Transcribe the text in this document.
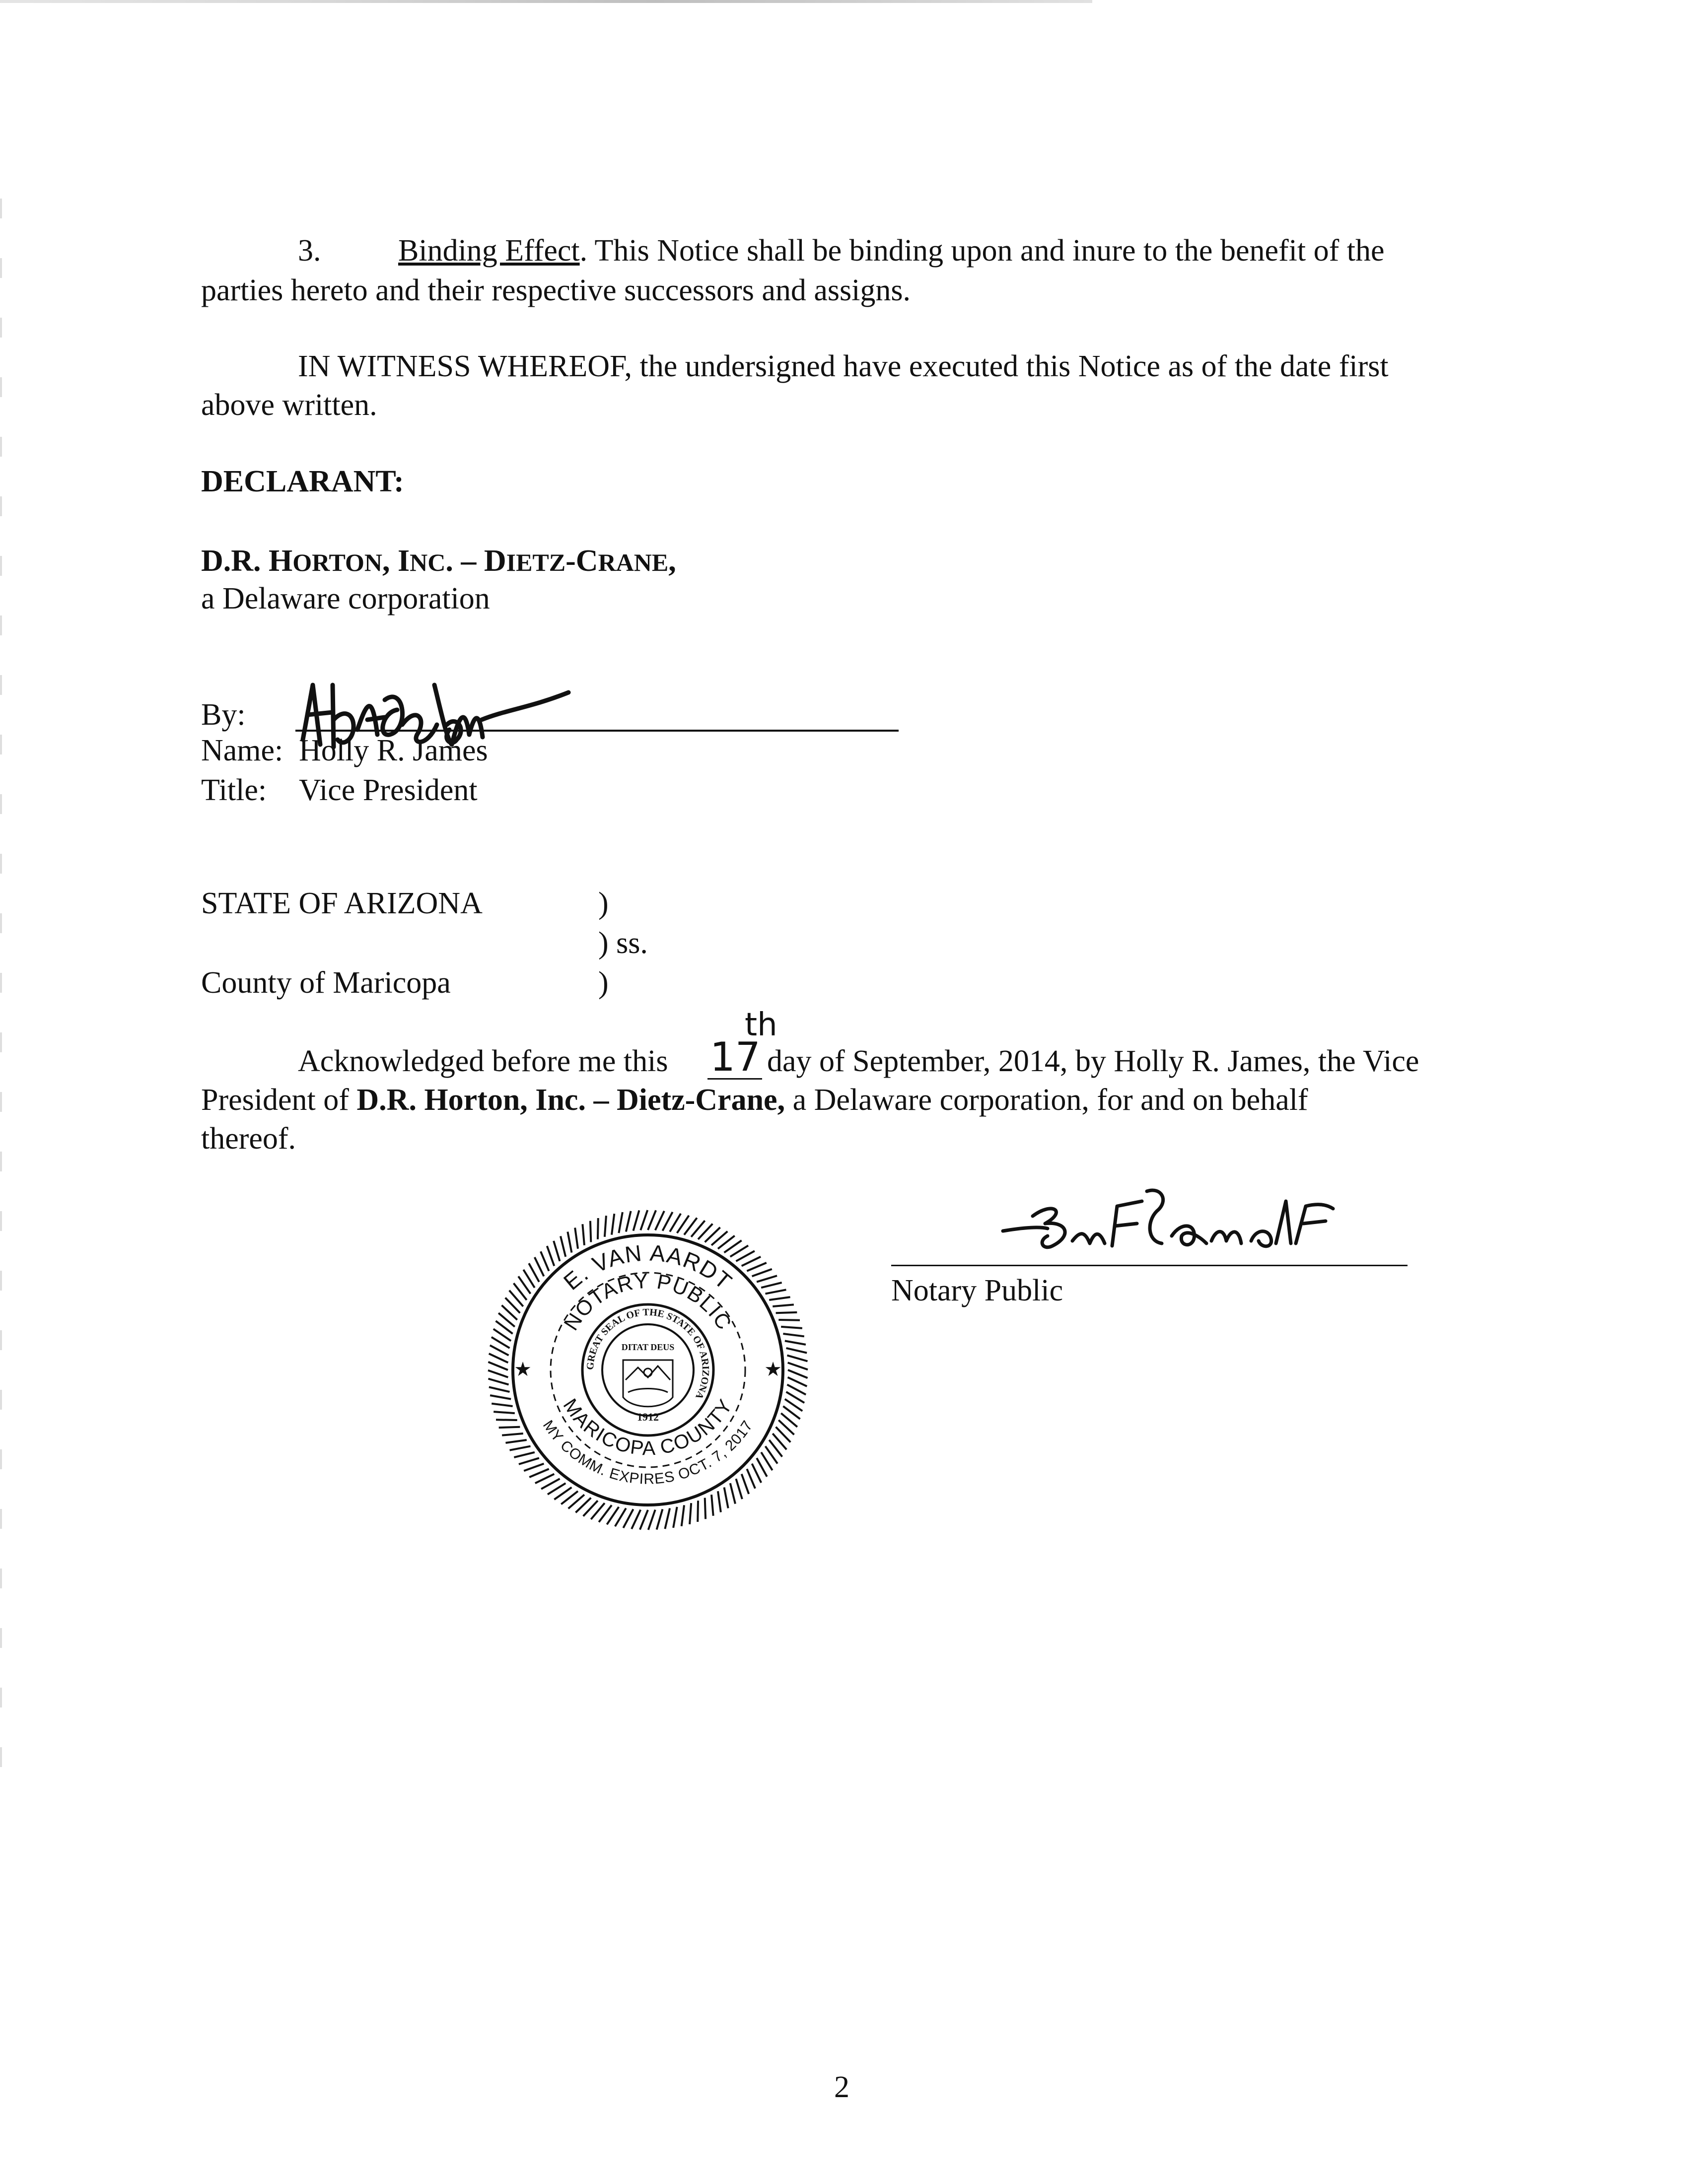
3.	Binding Effect. This Notice shall be binding upon and inure to the benefit of the
parties hereto and their respective successors and assigns.
IN WITNESS WHEREOF, the undersigned have executed this Notice as of the date first
above written.
DECLARANT:
D.R. HORTON, INC. – DIETZ-CRANE,
a Delaware corporation
By:
Name: Holly R. James
Title: Vice President
STATE OF ARIZONA	)
) ss.
County of Maricopa	)
Acknowledged before me this 17
th
day of September, 2014, by Holly R. James, the Vice
President of D.R. Horton, Inc. – Dietz-Crane, a Delaware corporation, for and on behalf
thereof.
E. VAN AARDT
NOTARY PUBLIC
MARICOPA COUNTY
MY COMM. EXPIRES OCT. 7, 2017
GREAT SEAL OF THE STATE OF ARIZONA
DITAT DEUS
1912
★	★
Notary Public
2
